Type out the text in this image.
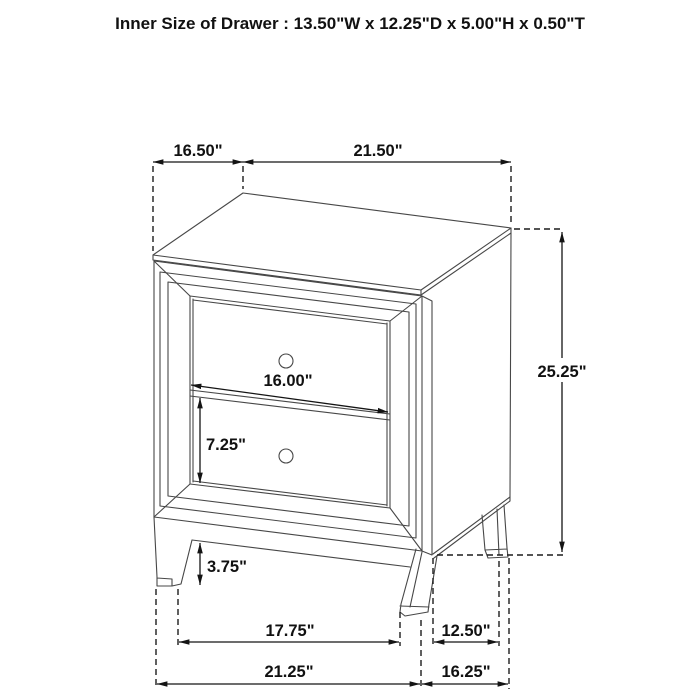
Inner Size of Drawer : 13.50"W x 12.25"D x 5.00"H x 0.50"T
16.50"	21.50"
25.25"
16.00"
7.25"
3.75"
17.75"
21.25"
12.50"
16.25"
